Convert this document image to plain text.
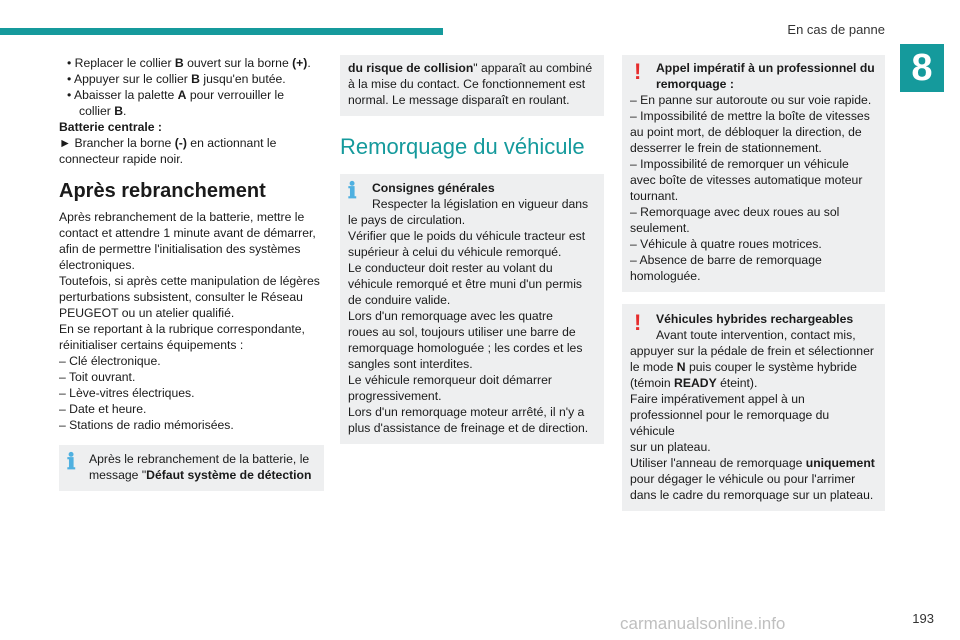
En cas de panne
8
• Replacer le collier B ouvert sur la borne (+).
• Appuyer sur le collier B jusqu'en butée.
• Abaisser la palette A pour verrouiller le
collier B.
Batterie centrale :
► Brancher la borne (-) en actionnant le
connecteur rapide noir.
Après rebranchement
Après rebranchement de la batterie, mettre le
contact et attendre 1 minute avant de démarrer,
afin de permettre l'initialisation des systèmes
électroniques.
Toutefois, si après cette manipulation de légères
perturbations subsistent, consulter le Réseau
PEUGEOT ou un atelier qualifié.
En se reportant à la rubrique correspondante,
réinitialiser certains équipements :
– Clé électronique.
– Toit ouvrant.
– Lève-vitres électriques.
– Date et heure.
– Stations de radio mémorisées.
ℹ Après le rebranchement de la batterie, le
message "Défaut système de détection
du risque de collision" apparaît au combiné
à la mise du contact. Ce fonctionnement est
normal. Le message disparaît en roulant.
Remorquage du véhicule
ℹ	Consignes générales
Respecter la législation en vigueur dans
le pays de circulation.
Vérifier que le poids du véhicule tracteur est
supérieur à celui du véhicule remorqué.
Le conducteur doit rester au volant du
véhicule remorqué et être muni d'un permis
de conduire valide.
Lors d'un remorquage avec les quatre
roues au sol, toujours utiliser une barre de
remorquage homologuée ; les cordes et les
sangles sont interdites.
Le véhicule remorqueur doit démarrer
progressivement.
Lors d'un remorquage moteur arrêté, il n'y a
plus d'assistance de freinage et de direction.
!	Appel impératif à un professionnel du
remorquage :
– En panne sur autoroute ou sur voie rapide.
– Impossibilité de mettre la boîte de vitesses
au point mort, de débloquer la direction, de
desserrer le frein de stationnement.
– Impossibilité de remorquer un véhicule
avec boîte de vitesses automatique moteur
tournant.
– Remorquage avec deux roues au sol
seulement.
– Véhicule à quatre roues motrices.
– Absence de barre de remorquage
homologuée.
!	Véhicules hybrides rechargeables
Avant toute intervention, contact mis,
appuyer sur la pédale de frein et sélectionner
le mode N puis couper le système hybride
(témoin READY éteint).
Faire impérativement appel à un
professionnel pour le remorquage du véhicule
sur un plateau.
Utiliser l'anneau de remorquage uniquement
pour dégager le véhicule ou pour l'arrimer
dans le cadre du remorquage sur un plateau.
carmanualsonline.info	193
